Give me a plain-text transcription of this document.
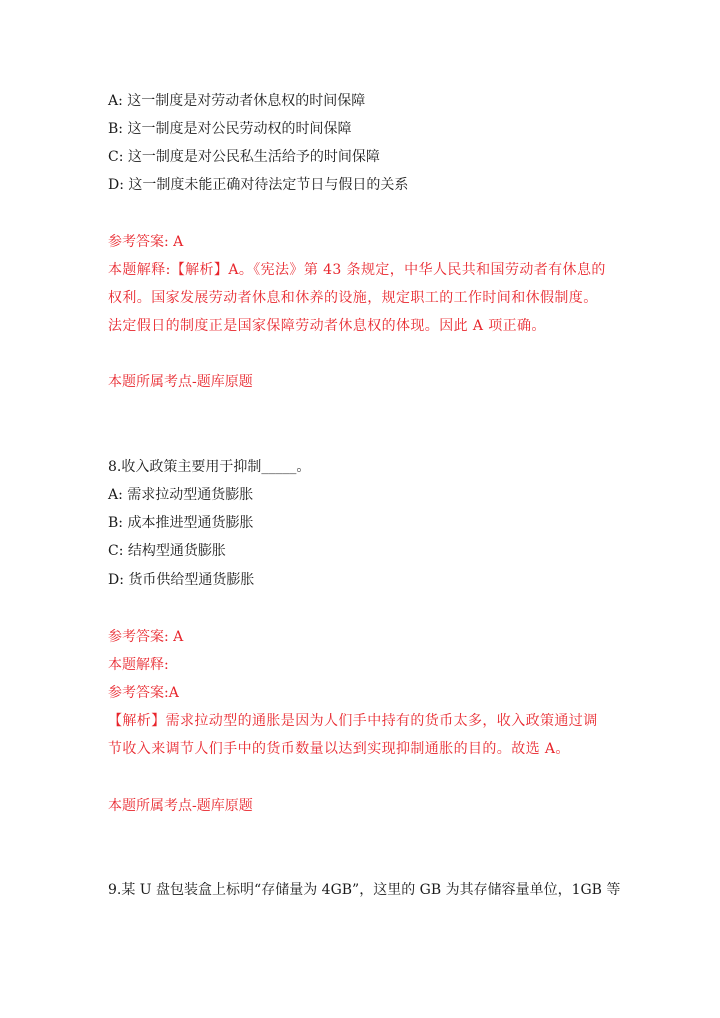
A: 这一制度是对劳动者休息权的时间保障
B: 这一制度是对公民劳动权的时间保障
C: 这一制度是对公民私生活给予的时间保障
D: 这一制度未能正确对待法定节日与假日的关系
参考答案: A
本题解释:【解析】A。《宪法》第 43 条规定，中华人民共和国劳动者有休息的
权利。国家发展劳动者休息和休养的设施，规定职工的工作时间和休假制度。
法定假日的制度正是国家保障劳动者休息权的体现。因此 A 项正确。
本题所属考点-题库原题
8.收入政策主要用于抑制_____。
A: 需求拉动型通货膨胀
B: 成本推进型通货膨胀
C: 结构型通货膨胀
D: 货币供给型通货膨胀
参考答案: A
本题解释:
参考答案:A
【解析】需求拉动型的通胀是因为人们手中持有的货币太多，收入政策通过调
节收入来调节人们手中的货币数量以达到实现抑制通胀的目的。故选 A。
本题所属考点-题库原题
9.某 U 盘包装盒上标明“存储量为 4GB”，这里的 GB 为其存储容量单位，1GB 等
